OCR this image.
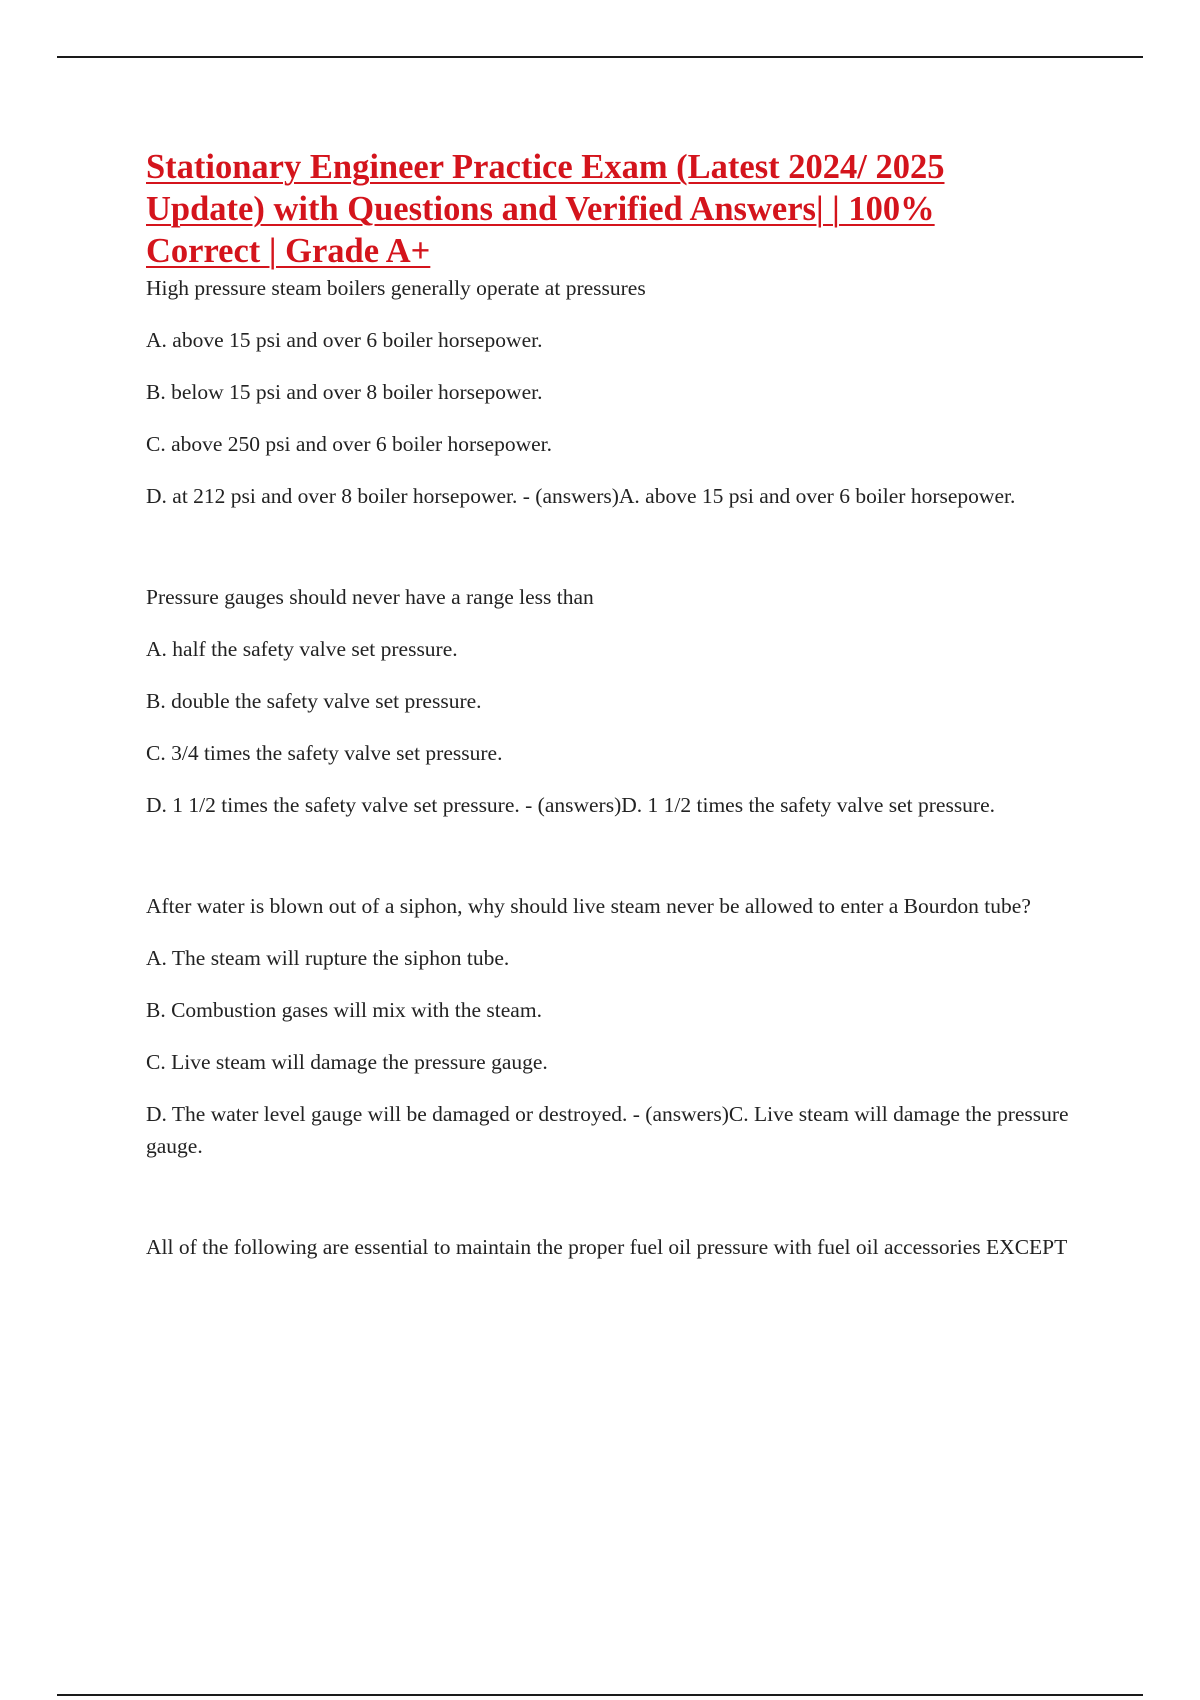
Stationary Engineer Practice Exam (Latest 2024/ 2025 Update) with Questions and Verified Answers| | 100% Correct | Grade A+

High pressure steam boilers generally operate at pressures

A. above 15 psi and over 6 boiler horsepower.

B. below 15 psi and over 8 boiler horsepower.

C. above 250 psi and over 6 boiler horsepower.

D. at 212 psi and over 8 boiler horsepower. - (answers)A. above 15 psi and over 6 boiler horsepower.

Pressure gauges should never have a range less than

A. half the safety valve set pressure.

B. double the safety valve set pressure.

C. 3/4 times the safety valve set pressure.

D. 1 1/2 times the safety valve set pressure. - (answers)D. 1 1/2 times the safety valve set pressure.

After water is blown out of a siphon, why should live steam never be allowed to enter a Bourdon tube?

A. The steam will rupture the siphon tube.

B. Combustion gases will mix with the steam.

C. Live steam will damage the pressure gauge.

D. The water level gauge will be damaged or destroyed. - (answers)C. Live steam will damage the pressure gauge.

All of the following are essential to maintain the proper fuel oil pressure with fuel oil accessories EXCEPT
